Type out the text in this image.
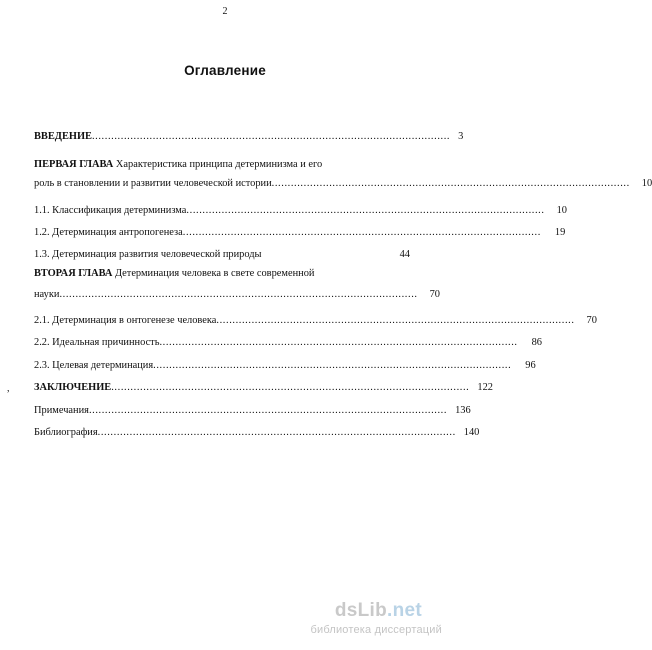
2
Оглавление
ВВЕДЕНИЕ ................................................................................................................ 3
ПЕРВАЯ ГЛАВА Характеристика принципа детерминизма и его
роль в становлении и развитии человеческой истории ................................................................................................................	10
1.1. Классификация детерминизма ................................................................................................................	10
1.2. Детерминация антропогенеза ................................................................................................................	19
1.3. Детерминация развития человеческой природы	44
ВТОРАЯ ГЛАВА Детерминация человека в свете современной
науки ................................................................................................................	70
2.1. Детерминация в онтогенезе человека ................................................................................................................	70
2.2. Идеальная причинность ................................................................................................................	86
2.3. Целевая детерминация ................................................................................................................	96
ЗАКЛЮЧЕНИЕ ................................................................................................................ 122
Примечания ................................................................................................................ 136
Библиография ................................................................................................................ 140
,
dsLib.net
библиотека диссертаций
